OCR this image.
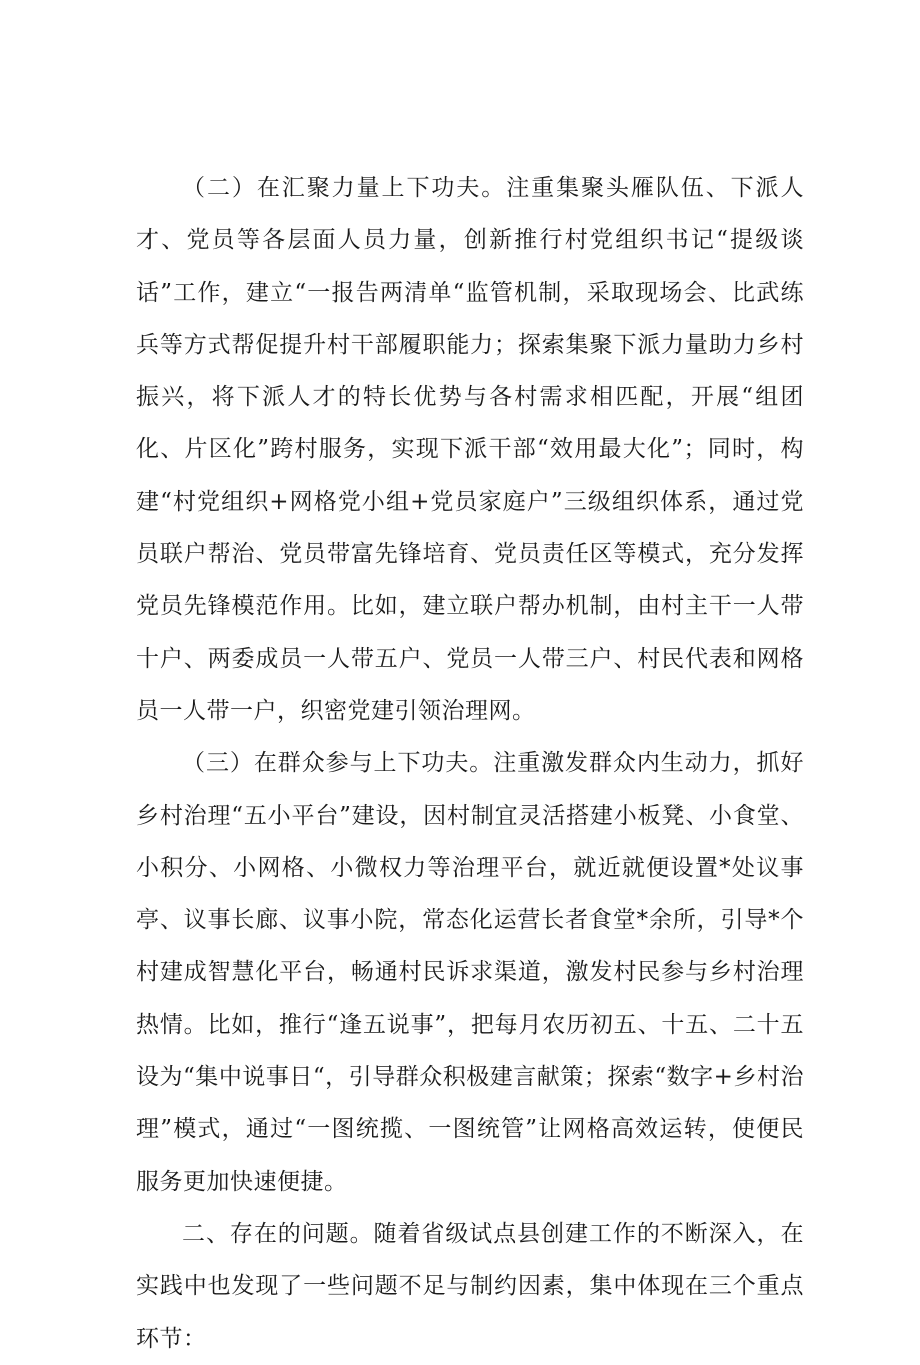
（二）在汇聚力量上下功夫。注重集聚头雁队伍、下派人才、党员等各层面人员力量，创新推行村党组织书记“提级谈话”工作，建立“一报告两清单“监管机制，采取现场会、比武练兵等方式帮促提升村干部履职能力；探索集聚下派力量助力乡村振兴，将下派人才的特长优势与各村需求相匹配，开展“组团化、片区化”跨村服务，实现下派干部“效用最大化”；同时，构建“村党组织+网格党小组+党员家庭户”三级组织体系，通过党员联户帮治、党员带富先锋培育、党员责任区等模式，充分发挥党员先锋模范作用。比如，建立联户帮办机制，由村主干一人带十户、两委成员一人带五户、党员一人带三户、村民代表和网格员一人带一户，织密党建引领治理网。

（三）在群众参与上下功夫。注重激发群众内生动力，抓好乡村治理“五小平台”建设，因村制宜灵活搭建小板凳、小食堂、小积分、小网格、小微权力等治理平台，就近就便设置*处议事亭、议事长廊、议事小院，常态化运营长者食堂*余所，引导*个村建成智慧化平台，畅通村民诉求渠道，激发村民参与乡村治理热情。比如，推行“逢五说事”，把每月农历初五、十五、二十五设为“集中说事日“，引导群众积极建言献策；探索“数字+乡村治理”模式，通过“一图统揽、一图统管”让网格高效运转，使便民服务更加快速便捷。

二、存在的问题。随着省级试点县创建工作的不断深入，在实践中也发现了一些问题不足与制约因素，集中体现在三个重点环节：
